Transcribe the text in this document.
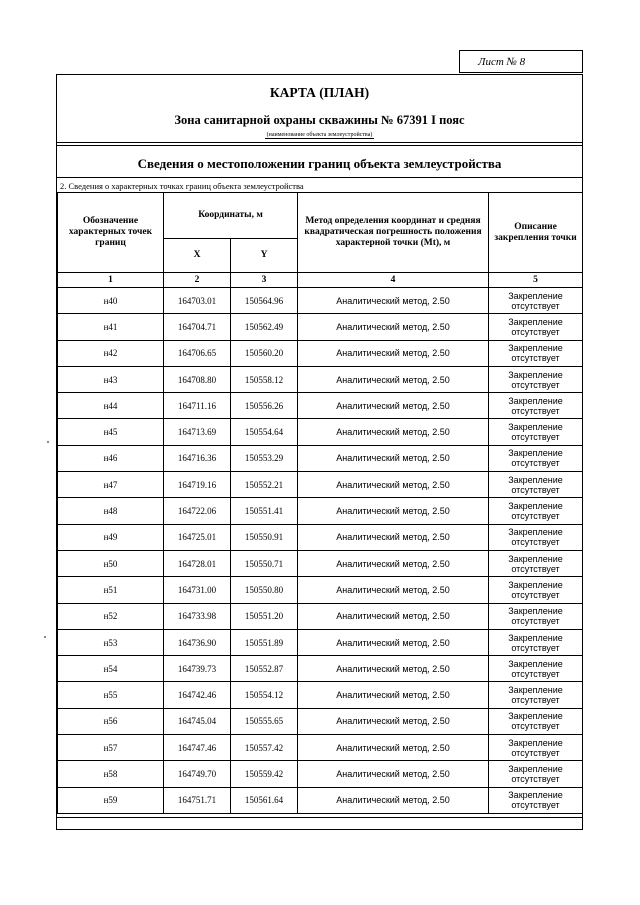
Лист № 8
КАРТА (ПЛАН)
Зона санитарной охраны скважины № 67391 I пояс
(наименование объекта землеустройства)
Сведения о местоположении границ объекта землеустройства
2. Сведения о характерных точках границ объекта землеустройства
Обозначение характерных точек границ	Координаты, м		Метод определения координат и средняя квадратическая погрешность положения характерной точки (Mt), м	Описание закрепления точки
	X	Y		
1	2	3	4	5
н40	164703.01	150564.96	Аналитический метод, 2.50	Закрепление отсутствует
н41	164704.71	150562.49	Аналитический метод, 2.50	Закрепление отсутствует
н42	164706.65	150560.20	Аналитический метод, 2.50	Закрепление отсутствует
н43	164708.80	150558.12	Аналитический метод, 2.50	Закрепление отсутствует
н44	164711.16	150556.26	Аналитический метод, 2.50	Закрепление отсутствует
н45	164713.69	150554.64	Аналитический метод, 2.50	Закрепление отсутствует
н46	164716.36	150553.29	Аналитический метод, 2.50	Закрепление отсутствует
н47	164719.16	150552.21	Аналитический метод, 2.50	Закрепление отсутствует
н48	164722.06	150551.41	Аналитический метод, 2.50	Закрепление отсутствует
н49	164725.01	150550.91	Аналитический метод, 2.50	Закрепление отсутствует
н50	164728.01	150550.71	Аналитический метод, 2.50	Закрепление отсутствует
н51	164731.00	150550.80	Аналитический метод, 2.50	Закрепление отсутствует
н52	164733.98	150551.20	Аналитический метод, 2.50	Закрепление отсутствует
н53	164736.90	150551.89	Аналитический метод, 2.50	Закрепление отсутствует
н54	164739.73	150552.87	Аналитический метод, 2.50	Закрепление отсутствует
н55	164742.46	150554.12	Аналитический метод, 2.50	Закрепление отсутствует
н56	164745.04	150555.65	Аналитический метод, 2.50	Закрепление отсутствует
н57	164747.46	150557.42	Аналитический метод, 2.50	Закрепление отсутствует
н58	164749.70	150559.42	Аналитический метод, 2.50	Закрепление отсутствует
н59	164751.71	150561.64	Аналитический метод, 2.50	Закрепление отсутствует
